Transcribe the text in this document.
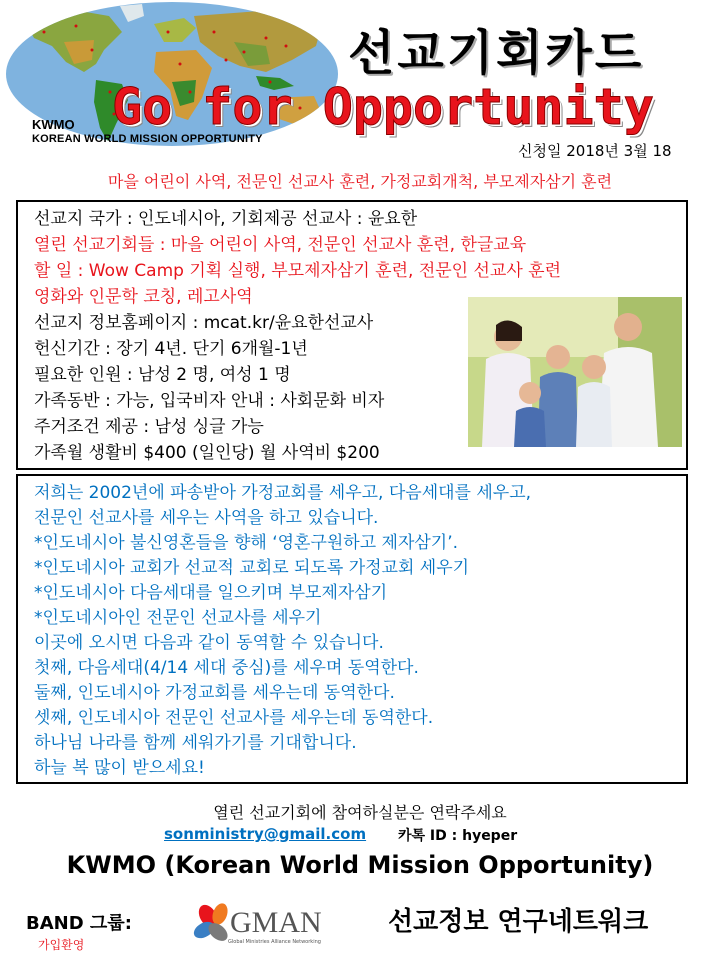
KWMO
KOREAN WORLD MISSION OPPORTUNITY
선교기회카드
Go for Opportunity
신청일 2018년 3월 18
마을 어린이 사역, 전문인 선교사 훈련, 가정교회개척, 부모제자삼기 훈련
선교지 국가 : 인도네시아, 기회제공 선교사 : 윤요한
열린 선교기회들 : 마을 어린이 사역, 전문인 선교사 훈련, 한글교육
할 일 : Wow Camp 기획 실행, 부모제자삼기 훈련, 전문인 선교사 훈련
영화와 인문학 코칭, 레고사역
선교지 정보홈페이지 : mcat.kr/윤요한선교사
헌신기간 : 장기 4년. 단기 6개월-1년
필요한 인원 : 남성 2 명, 여성 1 명
가족동반 : 가능, 입국비자 안내 : 사회문화 비자
주거조건 제공 : 남성 싱글 가능
가족월 생활비 $400 (일인당) 월 사역비 $200
저희는 2002년에 파송받아 가정교회를 세우고, 다음세대를 세우고,
전문인 선교사를 세우는 사역을 하고 있습니다.
*인도네시아 불신영혼들을 향해 ‘영혼구원하고 제자삼기’.
*인도네시아 교회가 선교적 교회로 되도록 가정교회 세우기
*인도네시아 다음세대를 일으키며 부모제자삼기
*인도네시아인 전문인 선교사를 세우기
이곳에 오시면 다음과 같이 동역할 수 있습니다.
첫째, 다음세대(4/14 세대 중심)를 세우며 동역한다.
둘째, 인도네시아 가정교회를 세우는데 동역한다.
셋째, 인도네시아 전문인 선교사를 세우는데 동역한다.
하나님 나라를 함께 세워가기를 기대합니다.
하늘 복 많이 받으세요!
열린 선교기회에 참여하실분은 연락주세요
sonministry@gmail.com 카톡 ID : hyeper
KWMO (Korean World Mission Opportunity)
BAND 그룹:
가입환영
GMAN
Global Ministries Alliance Networking
선교정보 연구네트워크
